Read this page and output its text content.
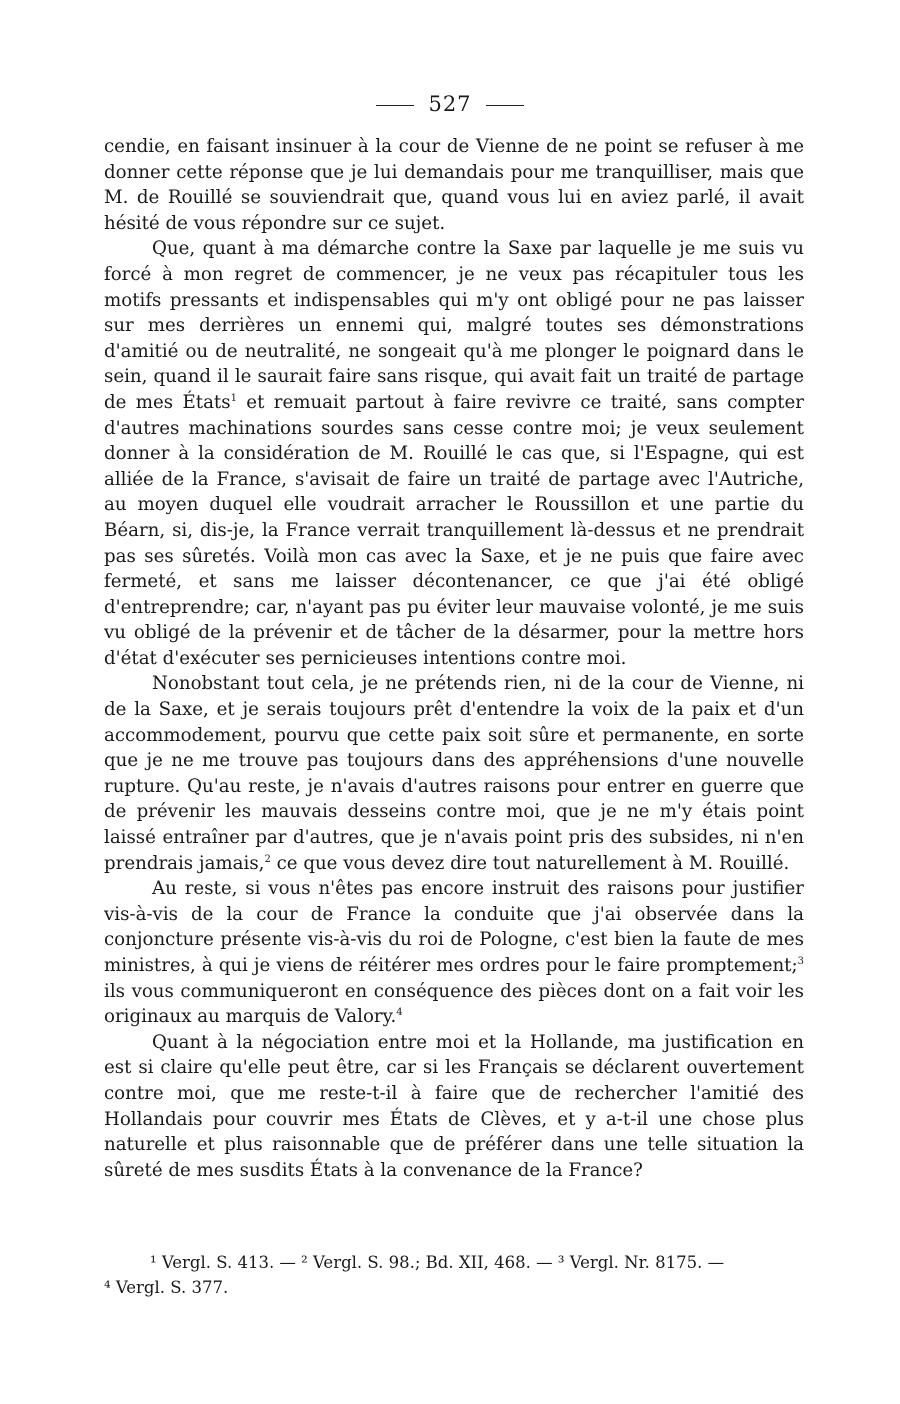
527

cendie, en faisant insinuer à la cour de Vienne de ne point se refuser à me donner cette réponse que je lui demandais pour me tranquilliser, mais que M. de Rouillé se souviendrait que, quand vous lui en aviez parlé, il avait hésité de vous répondre sur ce sujet.

Que, quant à ma démarche contre la Saxe par laquelle je me suis vu forcé à mon regret de commencer, je ne veux pas récapituler tous les motifs pressants et indispensables qui m'y ont obligé pour ne pas laisser sur mes derrières un ennemi qui, malgré toutes ses démonstrations d'amitié ou de neutralité, ne songeait qu'à me plonger le poignard dans le sein, quand il le saurait faire sans risque, qui avait fait un traité de partage de mes États$^1$ et remuait partout à faire revivre ce traité, sans compter d'autres machinations sourdes sans cesse contre moi; je veux seulement donner à la considération de M. Rouillé le cas que, si l'Espagne, qui est alliée de la France, s'avisait de faire un traité de partage avec l'Autriche, au moyen duquel elle voudrait arracher le Roussillon et une partie du Béarn, si, dis-je, la France verrait tranquillement là-dessus et ne prendrait pas ses sûretés. Voilà mon cas avec la Saxe, et je ne puis que faire avec fermeté, et sans me laisser décontenancer, ce que j'ai été obligé d'entreprendre; car, n'ayant pas pu éviter leur mauvaise volonté, je me suis vu obligé de la prévenir et de tâcher de la désarmer, pour la mettre hors d'état d'exécuter ses pernicieuses intentions contre moi.

Nonobstant tout cela, je ne prétends rien, ni de la cour de Vienne, ni de la Saxe, et je serais toujours prêt d'entendre la voix de la paix et d'un accommodement, pourvu que cette paix soit sûre et permanente, en sorte que je ne me trouve pas toujours dans des appréhensions d'une nouvelle rupture. Qu'au reste, je n'avais d'autres raisons pour entrer en guerre que de prévenir les mauvais desseins contre moi, que je ne m'y étais point laissé entraîner par d'autres, que je n'avais point pris des subsides, ni n'en prendrais jamais,$^2$ ce que vous devez dire tout naturellement à M. Rouillé.

Au reste, si vous n'êtes pas encore instruit des raisons pour justifier vis-à-vis de la cour de France la conduite que j'ai observée dans la conjoncture présente vis-à-vis du roi de Pologne, c'est bien la faute de mes ministres, à qui je viens de réitérer mes ordres pour le faire promptement;$^3$ ils vous communiqueront en conséquence des pièces dont on a fait voir les originaux au marquis de Valory.$^4$

Quant à la négociation entre moi et la Hollande, ma justification en est si claire qu'elle peut être, car si les Français se déclarent ouvertement contre moi, que me reste-t-il à faire que de rechercher l'amitié des Hollandais pour couvrir mes États de Clèves, et y a-t-il une chose plus naturelle et plus raisonnable que de préférer dans une telle situation la sûreté de mes susdits États à la convenance de la France?

¹ Vergl. S. 413. — ² Vergl. S. 98.; Bd. XII, 468. — ³ Vergl. Nr. 8175. —
⁴ Vergl. S. 377.
